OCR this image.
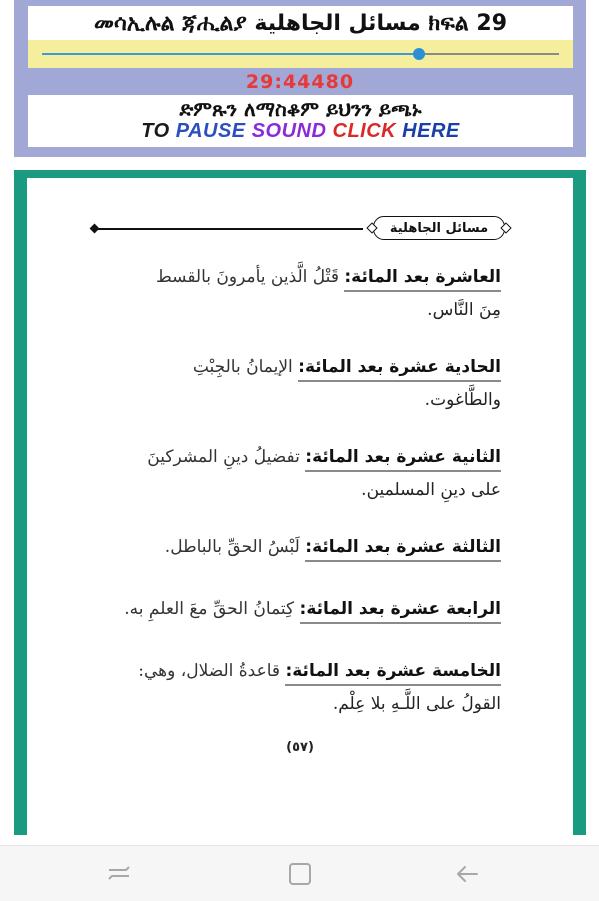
መሳኢሉል ጃሒልያ مسائل الجاهلية ክፍል 29
29:44480
ድምጹን ለማስቆም ይህንን ይጫኑ
TO PAUSE SOUND CLICK HERE
مسائل الجاهلية
العاشرة بعد المائة: قَتْلُ الَّذين يأمرونَ بالقسط
مِنَ النَّاس.
الحادية عشرة بعد المائة: الإيمانُ بالجِبْتِ
والطَّاغوت.
الثانية عشرة بعد المائة: تفضيلُ دينِ المشركينَ
على دينِ المسلمين.
الثالثة عشرة بعد المائة: لَبْسُ الحقِّ بالباطل.
الرابعة عشرة بعد المائة: كِتمانُ الحقِّ معَ العلمِ به.
الخامسة عشرة بعد المائة: قاعدةُ الضلال، وهي:
القولُ على اللَّـهِ بلا عِلْم.
(٥٧)
